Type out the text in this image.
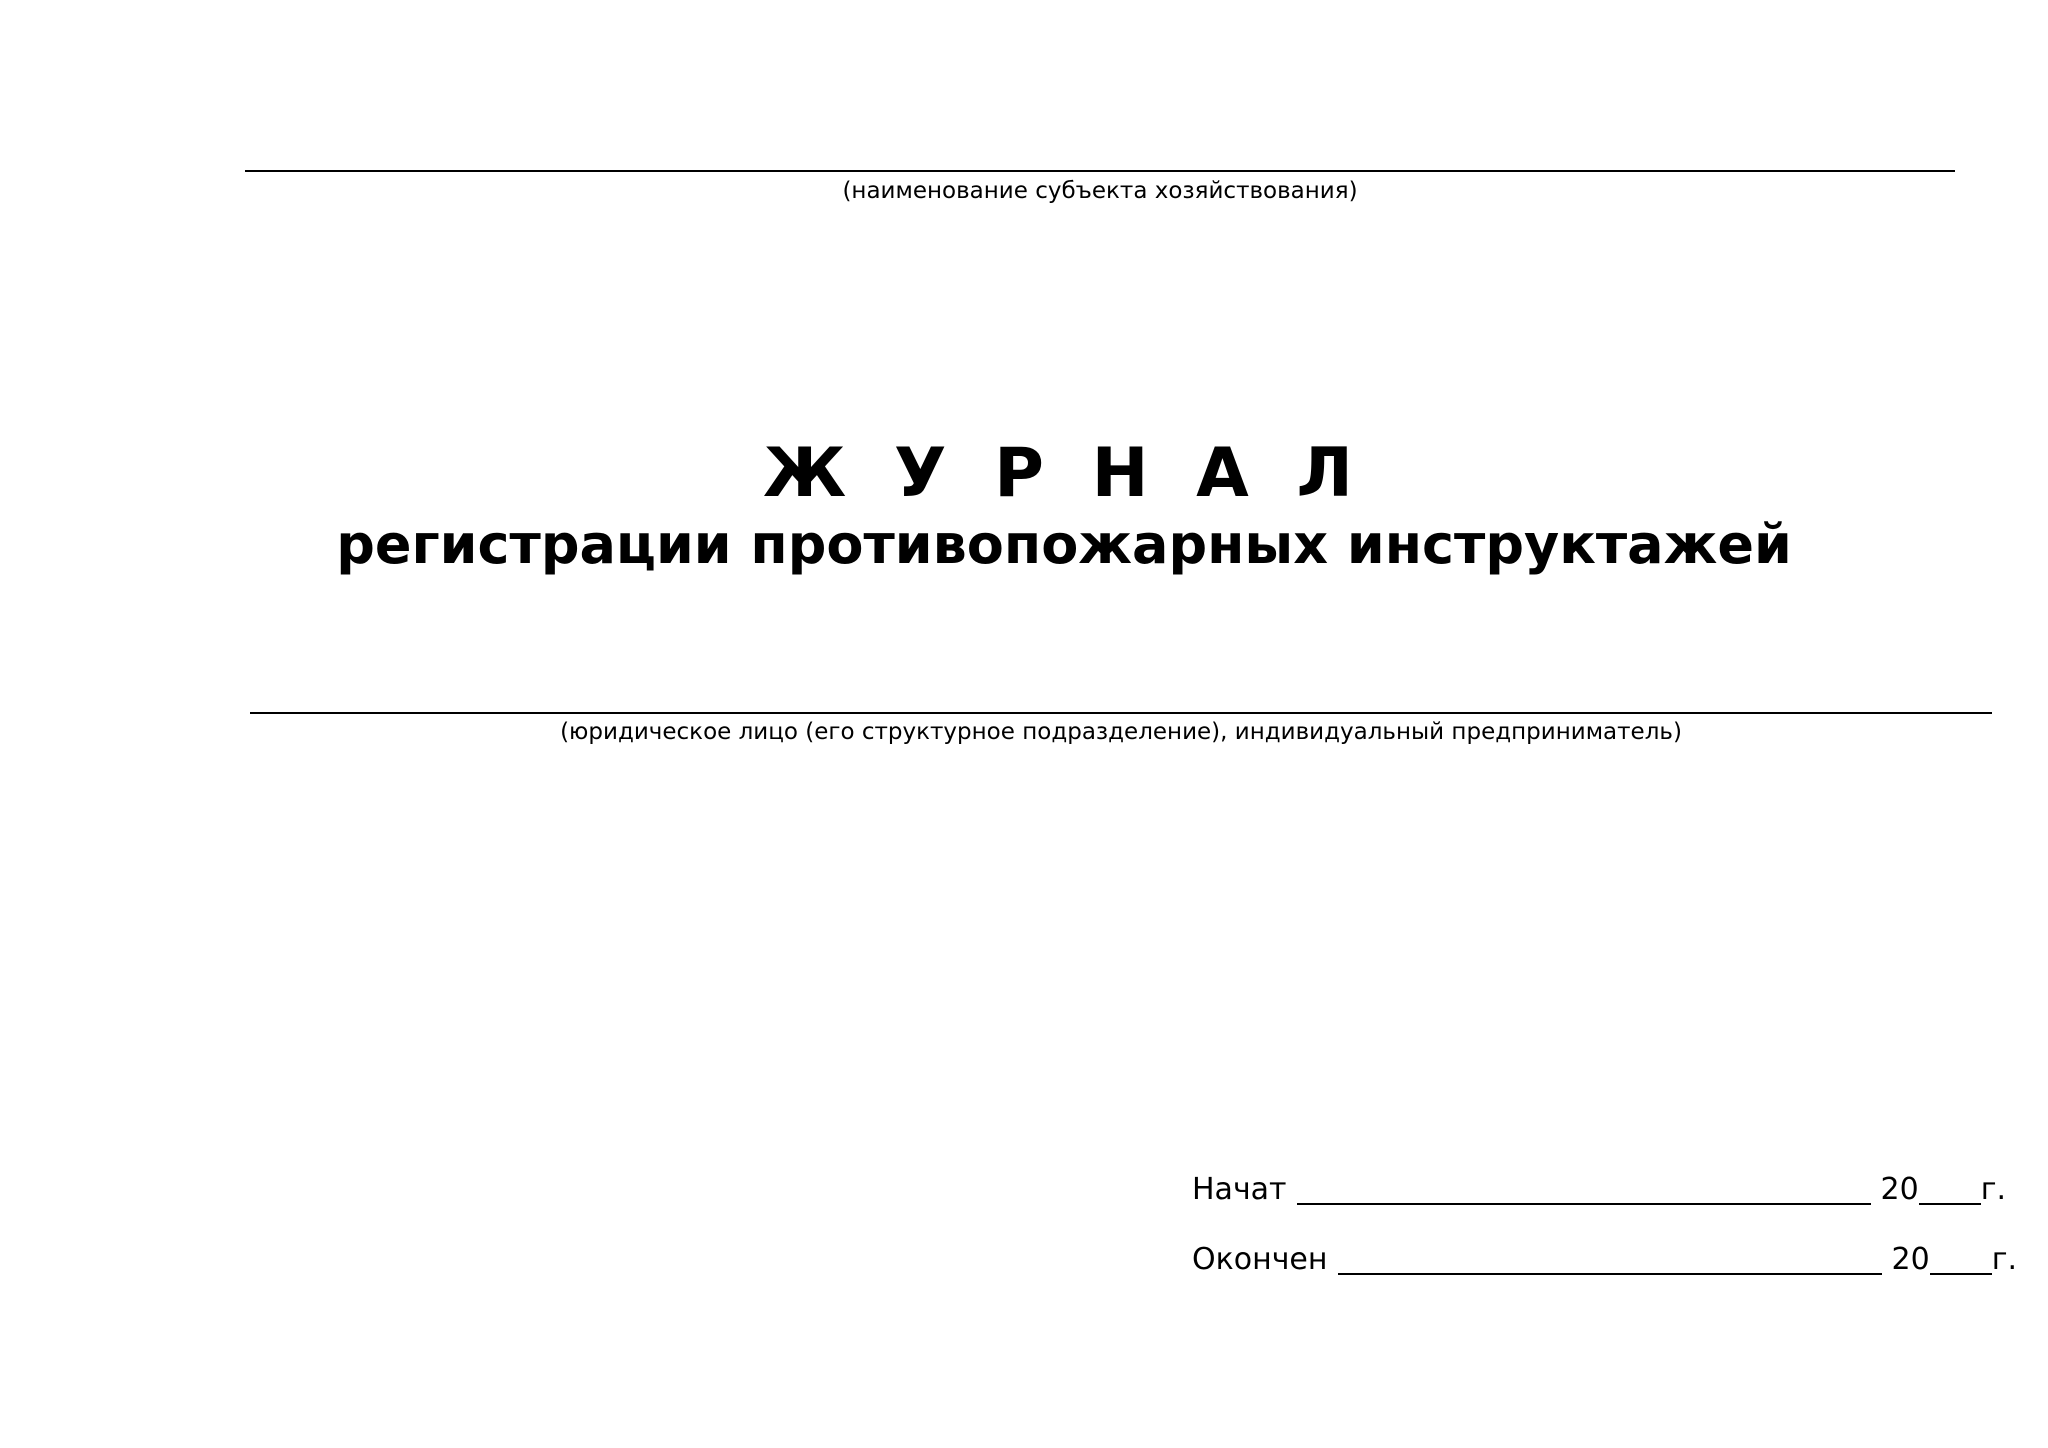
(наименование субъекта хозяйствования)
Ж У Р Н А Л
регистрации противопожарных инструктажей
(юридическое лицо (его структурное подразделение), индивидуальный предприниматель)
Начат	20 г.
Окончен	20 г.
